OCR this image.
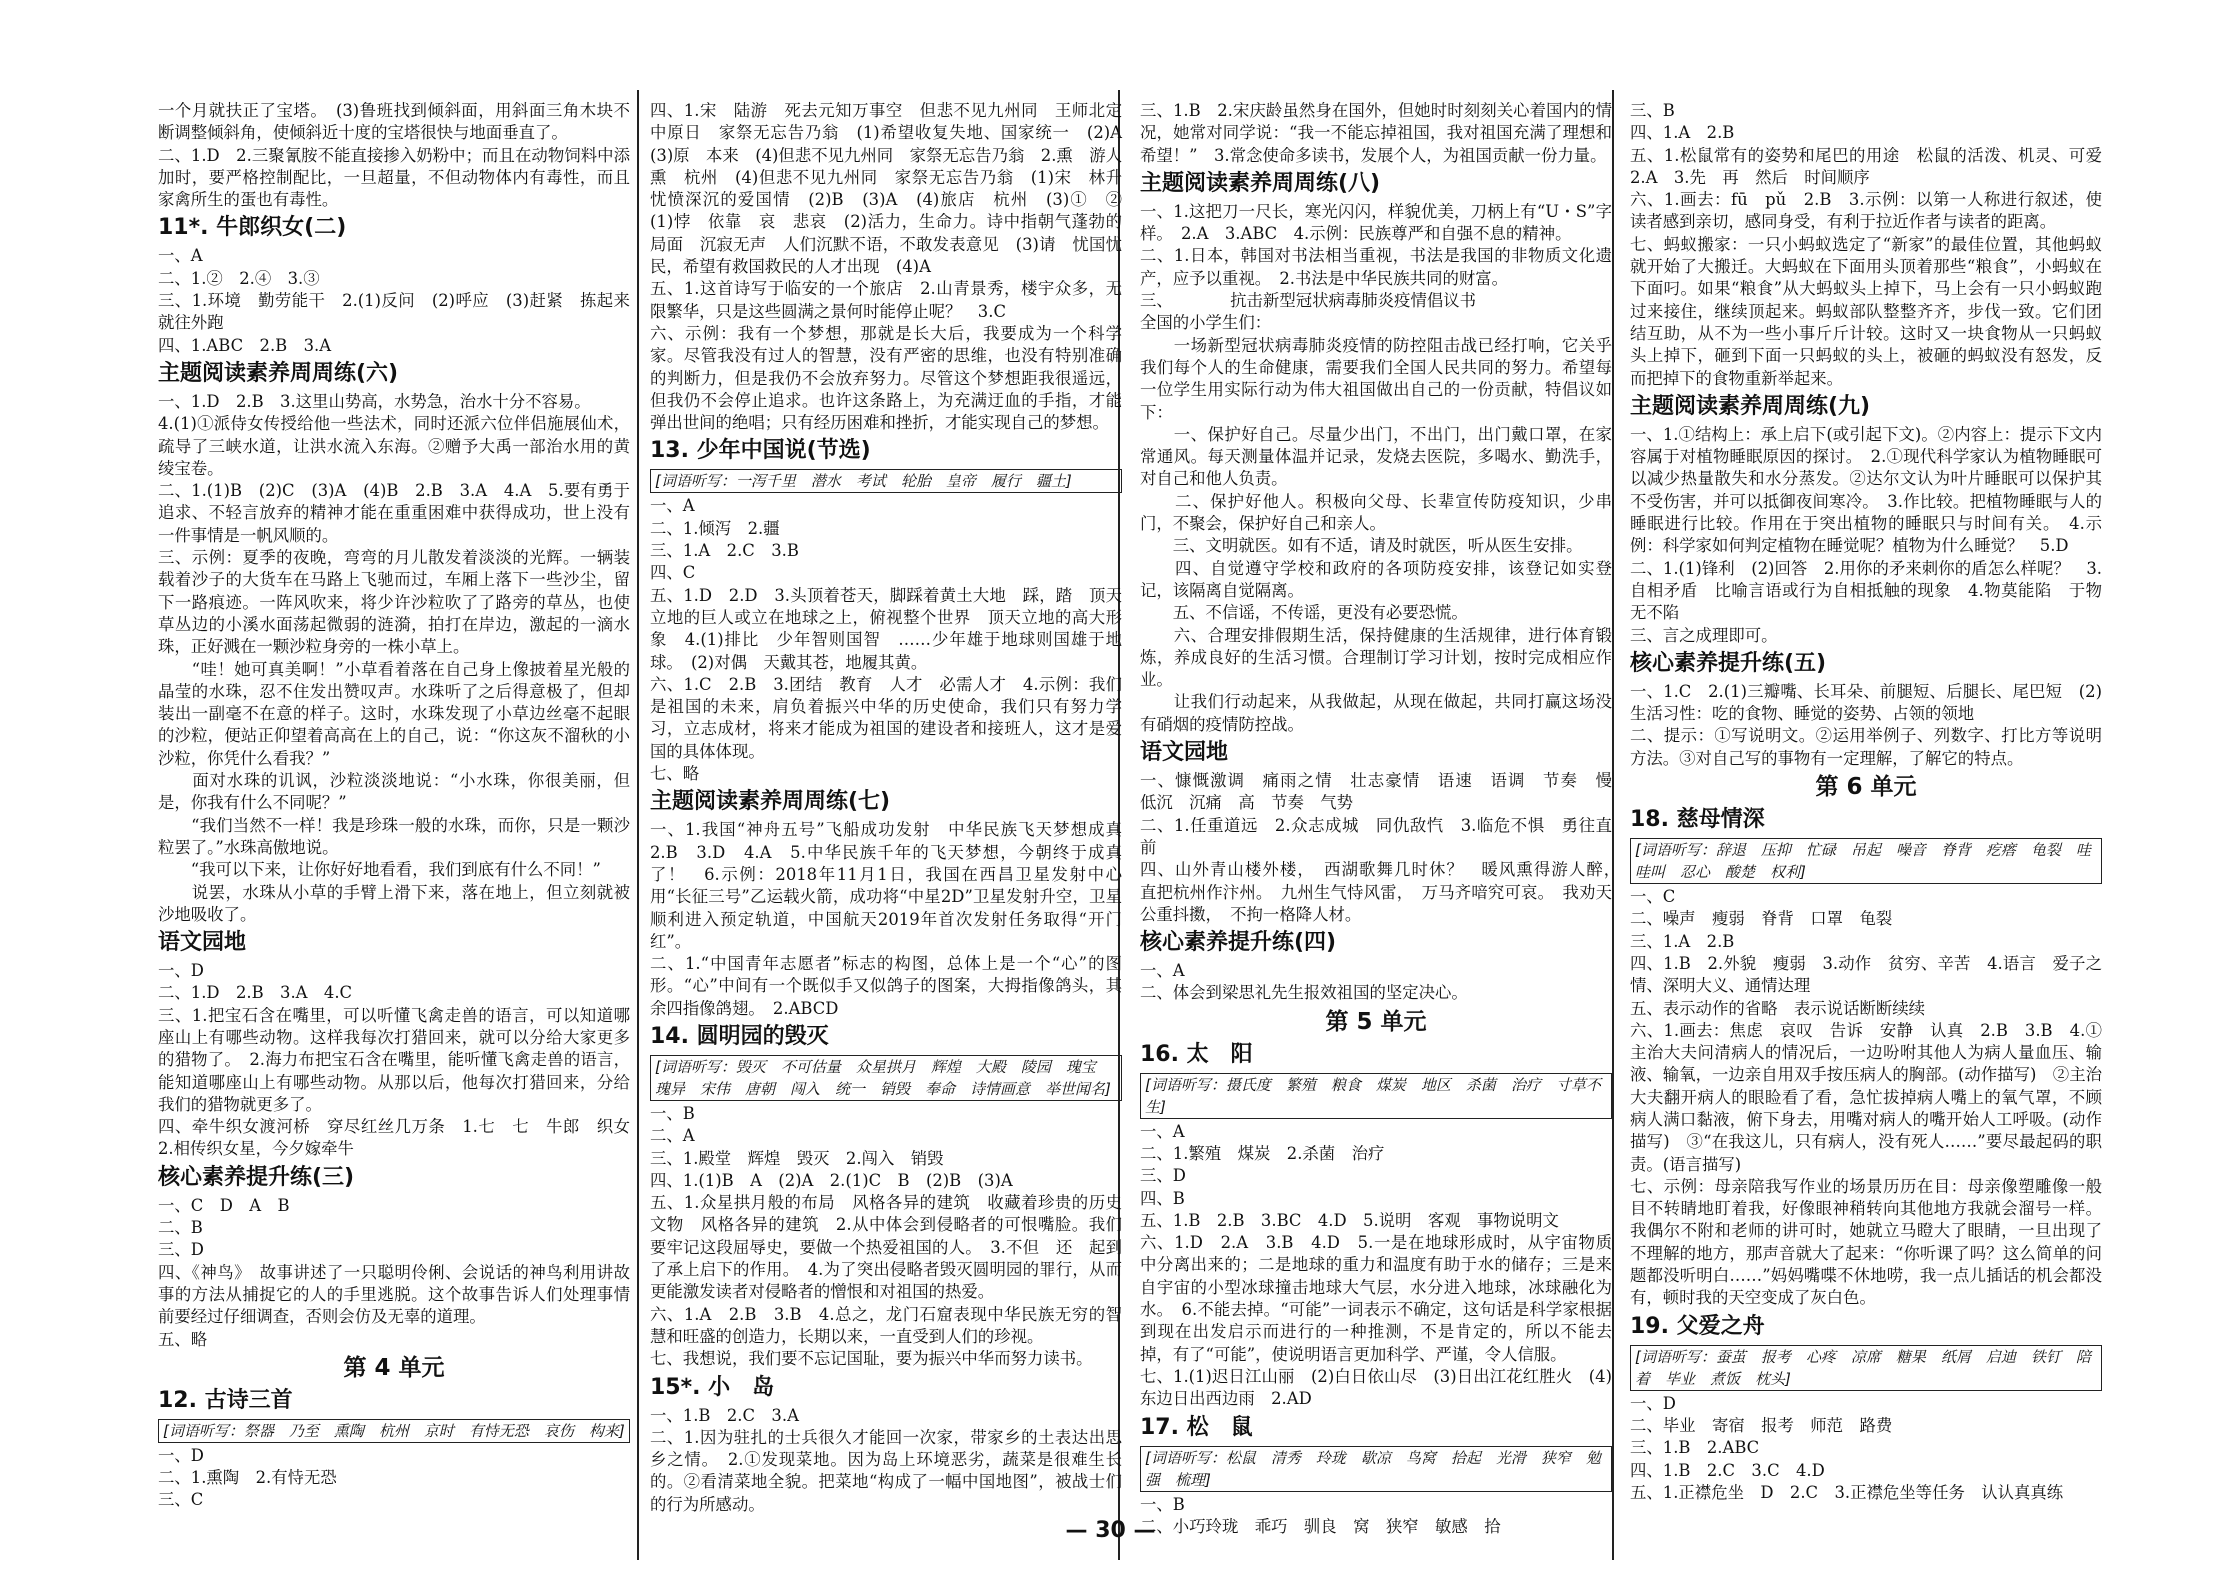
一个月就扶正了宝塔。　(3)鲁班找到倾斜面，用斜面三角木块不断调整倾斜角，使倾斜近十度的宝塔很快与地面垂直了。
二、1.D　2.三聚氰胺不能直接掺入奶粉中；而且在动物饲料中添加时，要严格控制配比，一旦超量，不但动物体内有毒性，而且家禽所生的蛋也有毒性。
11*. 牛郎织女(二)
一、A
二、1.②　2.④　3.③
三、1.环境　勤劳能干　2.(1)反问　(2)呼应　(3)赶紧　拣起来就往外跑
四、1.ABC　2.B　3.A
主题阅读素养周周练(六)
一、1.D　2.B　3.这里山势高，水势急，治水十分不容易。
4.(1)①派侍女传授给他一些法术，同时还派六位伴侣施展仙术，疏导了三峡水道，让洪水流入东海。②赠予大禹一部治水用的黄绫宝卷。
二、1.(1)B　(2)C　(3)A　(4)B　2.B　3.A　4.A　5.要有勇于追求、不轻言放弃的精神才能在重重困难中获得成功，世上没有一件事情是一帆风顺的。
三、示例：夏季的夜晚，弯弯的月儿散发着淡淡的光辉。一辆装载着沙子的大货车在马路上飞驰而过，车厢上落下一些沙尘，留下一路痕迹。一阵风吹来，将少许沙粒吹了了路旁的草丛，也使草丛边的小溪水面荡起微弱的涟漪，拍打在岸边，激起的一滴水珠，正好溅在一颗沙粒身旁的一株小草上。
　　“哇！她可真美啊！”小草看着落在自己身上像披着星光般的晶莹的水珠，忍不住发出赞叹声。水珠听了之后得意极了，但却装出一副毫不在意的样子。这时，水珠发现了小草边丝毫不起眼的沙粒，便站正仰望着高高在上的自己，说：“你这灰不溜秋的小沙粒，你凭什么看我？”
　　面对水珠的讥讽，沙粒淡淡地说：“小水珠，你很美丽，但是，你我有什么不同呢？”
　　“我们当然不一样！我是珍珠一般的水珠，而你，只是一颗沙粒罢了。”水珠高傲地说。
　　“我可以下来，让你好好地看看，我们到底有什么不同！”
　　说罢，水珠从小草的手臂上滑下来，落在地上，但立刻就被沙地吸收了。
语文园地
一、D
二、1.D　2.B　3.A　4.C
三、1.把宝石含在嘴里，可以听懂飞禽走兽的语言，可以知道哪座山上有哪些动物。这样我每次打猎回来，就可以分给大家更多的猎物了。　2.海力布把宝石含在嘴里，能听懂飞禽走兽的语言，能知道哪座山上有哪些动物。从那以后，他每次打猎回来，分给我们的猎物就更多了。
四、牵牛织女渡河桥　穿尽红丝几万条　1.七　七　牛郎　织女　2.相传织女星，今夕嫁牵牛
核心素养提升练(三)
一、C　D　A　B
二、B
三、D
四、《神鸟》　故事讲述了一只聪明伶俐、会说话的神鸟利用讲故事的方法从捕捉它的人的手里逃脱。这个故事告诉人们处理事情前要经过仔细调查，否则会仿及无辜的道理。
五、略
第 4 单元
12. 古诗三首
[词语听写：祭器　乃至　熏陶　杭州　京时　有恃无恐　哀伤　构来]
一、D
二、1.熏陶　2.有恃无恐
三、C
四、1.宋　陆游　死去元知万事空　但悲不见九州同　王师北定中原日　家祭无忘告乃翁　(1)希望收复失地、国家统一　(2)A　(3)原　本来　(4)但悲不见九州同　家祭无忘告乃翁　2.熏　游人熏　杭州　(4)但悲不见九州同　家祭无忘告乃翁　(1)宋　林升　忧愤深沉的爱国情　(2)B　(3)A　(4)旅店　杭州　(3)①　②　(1)悖　依靠　哀　悲哀　(2)活力，生命力。诗中指朝气蓬勃的局面　沉寂无声　人们沉默不语，不敢发表意见　(3)请　忧国忧民，希望有救国救民的人才出现　(4)A
五、1.这首诗写于临安的一个旅店　2.山青景秀，楼宇众多，无限繁华，只是这些圆满之景何时能停止呢？　3.C
六、示例：我有一个梦想，那就是长大后，我要成为一个科学家。尽管我没有过人的智慧，没有严密的思维，也没有特别准确的判断力，但是我仍不会放弃努力。尽管这个梦想距我很遥远，但我仍不会停止追求。也许这条路上，为充满迂血的手指，才能弹出世间的绝唱；只有经历困难和挫折，才能实现自己的梦想。
13. 少年中国说(节选)
[词语听写：一泻千里　潜水　考试　轮胎　皇帝　履行　疆土]
一、A
二、1.倾泻　2.疆
三、1.A　2.C　3.B
四、C
五、1.D　2.D　3.头顶着苍天，脚踩着黄土大地　踩，踏　顶天立地的巨人或立在地球之上，俯视整个世界　顶天立地的高大形象　4.(1)排比　少年智则国智　……少年雄于地球则国雄于地球。　(2)对偶　天戴其苍，地履其黄。
六、1.C　2.B　3.团结　教育　人才　必需人才　4.示例：我们是祖国的未来，肩负着振兴中华的历史使命，我们只有努力学习，立志成材，将来才能成为祖国的建设者和接班人，这才是爱国的具体体现。
七、略
主题阅读素养周周练(七)
一、1.我国“神舟五号”飞船成功发射　中华民族飞天梦想成真　2.B　3.D　4.A　5.中华民族千年的飞天梦想，今朝终于成真了！　6.示例：2018年11月1日，我国在西昌卫星发射中心用“长征三号”乙运载火箭，成功将“中星2D”卫星发射升空，卫星顺利进入预定轨道，中国航天2019年首次发射任务取得“开门红”。
二、1.“中国青年志愿者”标志的构图，总体上是一个“心”的图形。“心”中间有一个既似手又似鸽子的图案，大拇指像鸽头，其余四指像鸽翅。　2.ABCD
14. 圆明园的毁灭
[词语听写：毁灭　不可估量　众星拱月　辉煌　大殿　陵园　瑰宝　瑰异　宋伟　唐朝　闯入　统一　销毁　奉命　诗情画意　举世闻名]
一、B
二、A
三、1.殿堂　辉煌　毁灭　2.闯入　销毁
四、1.(1)B　A　(2)A　2.(1)C　B　(2)B　(3)A
五、1.众星拱月般的布局　风格各异的建筑　收藏着珍贵的历史文物　风格各异的建筑　2.从中体会到侵略者的可恨嘴脸。我们要牢记这段屈辱史，要做一个热爱祖国的人。　3.不但　还　起到了承上启下的作用。　4.为了突出侵略者毁灭圆明园的罪行，从而更能激发读者对侵略者的憎恨和对祖国的热爱。
六、1.A　2.B　3.B　4.总之，龙门石窟表现中华民族无穷的智慧和旺盛的创造力，长期以来，一直受到人们的珍视。
七、我想说，我们要不忘记国耻，要为振兴中华而努力读书。
15*. 小　岛
一、1.B　2.C　3.A
二、1.因为驻扎的士兵很久才能回一次家，带家乡的土表达出思乡之情。　2.①发现菜地。因为岛上环境恶劣，蔬菜是很难生长的。②看清菜地全貌。把菜地“构成了一幅中国地图”，被战士们的行为所感动。
三、1.B　2.宋庆龄虽然身在国外，但她时时刻刻关心着国内的情况，她常对同学说：“我一不能忘掉祖国，我对祖国充满了理想和希望！”　3.常念使命多读书，发展个人，为祖国贡献一份力量。
主题阅读素养周周练(八)
一、1.这把刀一尺长，寒光闪闪，样貌优美，刀柄上有“U・S”字样。　2.A　3.ABC　4.示例：民族尊严和自强不息的精神。
二、1.日本，韩国对书法相当重视，书法是我国的非物质文化遗产，应予以重视。　2.书法是中华民族共同的财富。
三、　　　　抗击新型冠状病毒肺炎疫情倡议书
全国的小学生们：
　　一场新型冠状病毒肺炎疫情的防控阻击战已经打响，它关乎我们每个人的生命健康，需要我们全国人民共同的努力。希望每一位学生用实际行动为伟大祖国做出自己的一份贡献，特倡议如下：
　　一、保护好自己。尽量少出门，不出门，出门戴口罩，在家常通风。每天测量体温并记录，发烧去医院，多喝水、勤洗手，对自己和他人负责。
　　二、保护好他人。积极向父母、长辈宣传防疫知识，少串门，不聚会，保护好自己和亲人。
　　三、文明就医。如有不适，请及时就医，听从医生安排。
　　四、自觉遵守学校和政府的各项防疫安排，该登记如实登记，该隔离自觉隔离。
　　五、不信谣，不传谣，更没有必要恐慌。
　　六、合理安排假期生活，保持健康的生活规律，进行体育锻炼，养成良好的生活习惯。合理制订学习计划，按时完成相应作业。
　　让我们行动起来，从我做起，从现在做起，共同打赢这场没有硝烟的疫情防控战。
语文园地
一、慷慨激调　痛雨之情　壮志豪情　语速　语调　节奏　慢　低沉　沉痛　高　节奏　气势
二、1.任重道远　2.众志成城　同仇敌忾　3.临危不惧　勇往直前
四、山外青山楼外楼，　西湖歌舞几时休？　暖风熏得游人醉，　直把杭州作汴州。　九州生气恃风雷，　万马齐喑究可哀。　我劝天公重抖擞，　不拘一格降人材。
核心素养提升练(四)
一、A
二、体会到梁思礼先生报效祖国的坚定决心。
第 5 单元
16. 太　阳
[词语听写：摄氏度　繁殖　粮食　煤炭　地区　杀菌　治疗　寸草不生]
一、A
二、1.繁殖　煤炭　2.杀菌　治疗
三、D
四、B
五、1.B　2.B　3.BC　4.D　5.说明　客观　事物说明文
六、1.D　2.A　3.B　4.D　5.一是在地球形成时，从宇宙物质中分离出来的；二是地球的重力和温度有助于水的储存；三是来自宇宙的小型冰球撞击地球大气层，水分进入地球，冰球融化为水。　6.不能去掉。“可能”一词表示不确定，这句话是科学家根据到现在出发启示而进行的一种推测，不是肯定的，所以不能去掉，有了“可能”，使说明语言更加科学、严谨，令人信服。
七、1.(1)迟日江山丽　(2)白日依山尽　(3)日出江花红胜火　(4)东边日出西边雨　2.AD
17. 松　鼠
[词语听写：松鼠　清秀　玲珑　歇凉　鸟窝　拾起　光滑　狭窄　勉强　梳理]
一、B
二、小巧玲珑　乖巧　驯良　窝　狭窄　敏感　拾
三、B
四、1.A　2.B
五、1.松鼠常有的姿势和尾巴的用途　松鼠的活泼、机灵、可爱　2.A　3.先　再　然后　时间顺序
六、1.画去：fū　pǔ　2.B　3.示例：以第一人称进行叙述，使读者感到亲切，感同身受，有利于拉近作者与读者的距离。
七、蚂蚁搬家：一只小蚂蚁选定了“新家”的最佳位置，其他蚂蚁就开始了大搬迁。大蚂蚁在下面用头顶着那些“粮食”，小蚂蚁在下面叼。如果“粮食”从大蚂蚁头上掉下，马上会有一只小蚂蚁跑过来接住，继续顶起来。蚂蚁部队整整齐齐，步伐一致。它们团结互助，从不为一些小事斤斤计较。这时又一块食物从一只蚂蚁头上掉下，砸到下面一只蚂蚁的头上，被砸的蚂蚁没有怒发，反而把掉下的食物重新举起来。
主题阅读素养周周练(九)
一、1.①结构上：承上启下(或引起下文)。②内容上：提示下文内容属于对植物睡眠原因的探讨。　2.①现代科学家认为植物睡眠可以减少热量散失和水分蒸发。②达尔文认为叶片睡眠可以保护其不受伤害，并可以抵御夜间寒冷。　3.作比较。把植物睡眠与人的睡眠进行比较。作用在于突出植物的睡眠只与时间有关。　4.示例：科学家如何判定植物在睡觉呢？植物为什么睡觉？　5.D
二、1.(1)锋利　(2)回答　2.用你的矛来刺你的盾怎么样呢？　3.自相矛盾　比喻言语或行为自相抵触的现象　4.物莫能陷　于物无不陷
三、言之成理即可。
核心素养提升练(五)
一、1.C　2.(1)三瓣嘴、长耳朵、前腿短、后腿长、尾巴短　(2)生活习性：吃的食物、睡觉的姿势、占领的领地
二、提示：①写说明文。②运用举例子、列数字、打比方等说明方法。③对自己写的事物有一定理解，了解它的特点。
第 6 单元
18. 慈母情深
[词语听写：辞退　压抑　忙碌　吊起　噪音　脊背　疙瘩　龟裂　哇哇叫　忍心　酸楚　权利]
一、C
二、噪声　瘦弱　脊背　口罩　龟裂
三、1.A　2.B
四、1.B　2.外貌　瘦弱　3.动作　贫穷、辛苦　4.语言　爱子之情、深明大义、通情达理
五、表示动作的省略　表示说话断断续续
六、1.画去：焦虑　哀叹　告诉　安静　认真　2.B　3.B　4.①主治大夫问清病人的情况后，一边吩咐其他人为病人量血压、输液、输氧，一边亲自用双手按压病人的胸部。(动作描写)　②主治大夫翻开病人的眼睑看了看，急忙拔掉病人嘴上的氧气罩，不顾病人满口黏液，俯下身去，用嘴对病人的嘴开始人工呼吸。(动作描写)　③“在我这儿，只有病人，没有死人……”要尽最起码的职责。(语言描写)
七、示例：母亲陪我写作业的场景历历在目：母亲像塑雕像一般目不转睛地盯着我，好像眼神稍转向其他地方我就会溜号一样。我偶尔不附和老师的讲可时，她就立马瞪大了眼睛，一旦出现了不理解的地方，那声音就大了起来：“你听课了吗？这么简单的问题都没听明白……”妈妈嘴喋不休地唠，我一点儿插话的机会都没有，顿时我的天空变成了灰白色。
19. 父爱之舟
[词语听写：蚕茧　报考　心疼　凉席　糖果　纸屑　启迪　铁钉　陪着　毕业　煮饭　枕头]
一、D
二、毕业　寄宿　报考　师范　路费
三、1.B　2.ABC
四、1.B　2.C　3.C　4.D
五、1.正襟危坐　D　2.C　3.正襟危坐等任务　认认真真练
— 30 —
